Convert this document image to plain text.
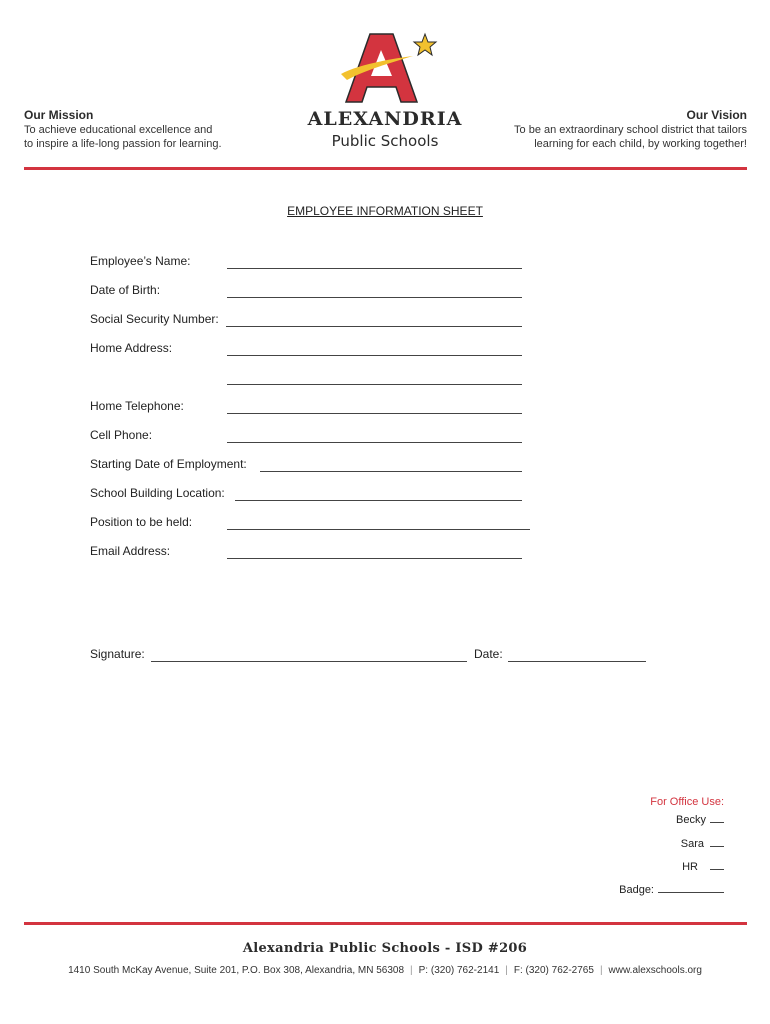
Our Mission
To achieve educational excellence and
to inspire a life-long passion for learning.
Our Vision
To be an extraordinary school district that tailors
learning for each child, by working together!
A
ALEXANDRIA
Public Schools
EMPLOYEE INFORMATION SHEET
Employee’s Name:
Date of Birth:
Social Security Number:
Home Address:
Home Telephone:
Cell Phone:
Starting Date of Employment:
School Building Location:
Position to be held:
Email Address:
Signature:	Date:
For Office Use:
Becky
Sara
HR
Badge:
Alexandria Public Schools - ISD #206
1410 South McKay Avenue, Suite 201, P.O. Box 308, Alexandria, MN 56308 | P: (320) 762-2141 | F: (320) 762-2765 | www.alexschools.org
